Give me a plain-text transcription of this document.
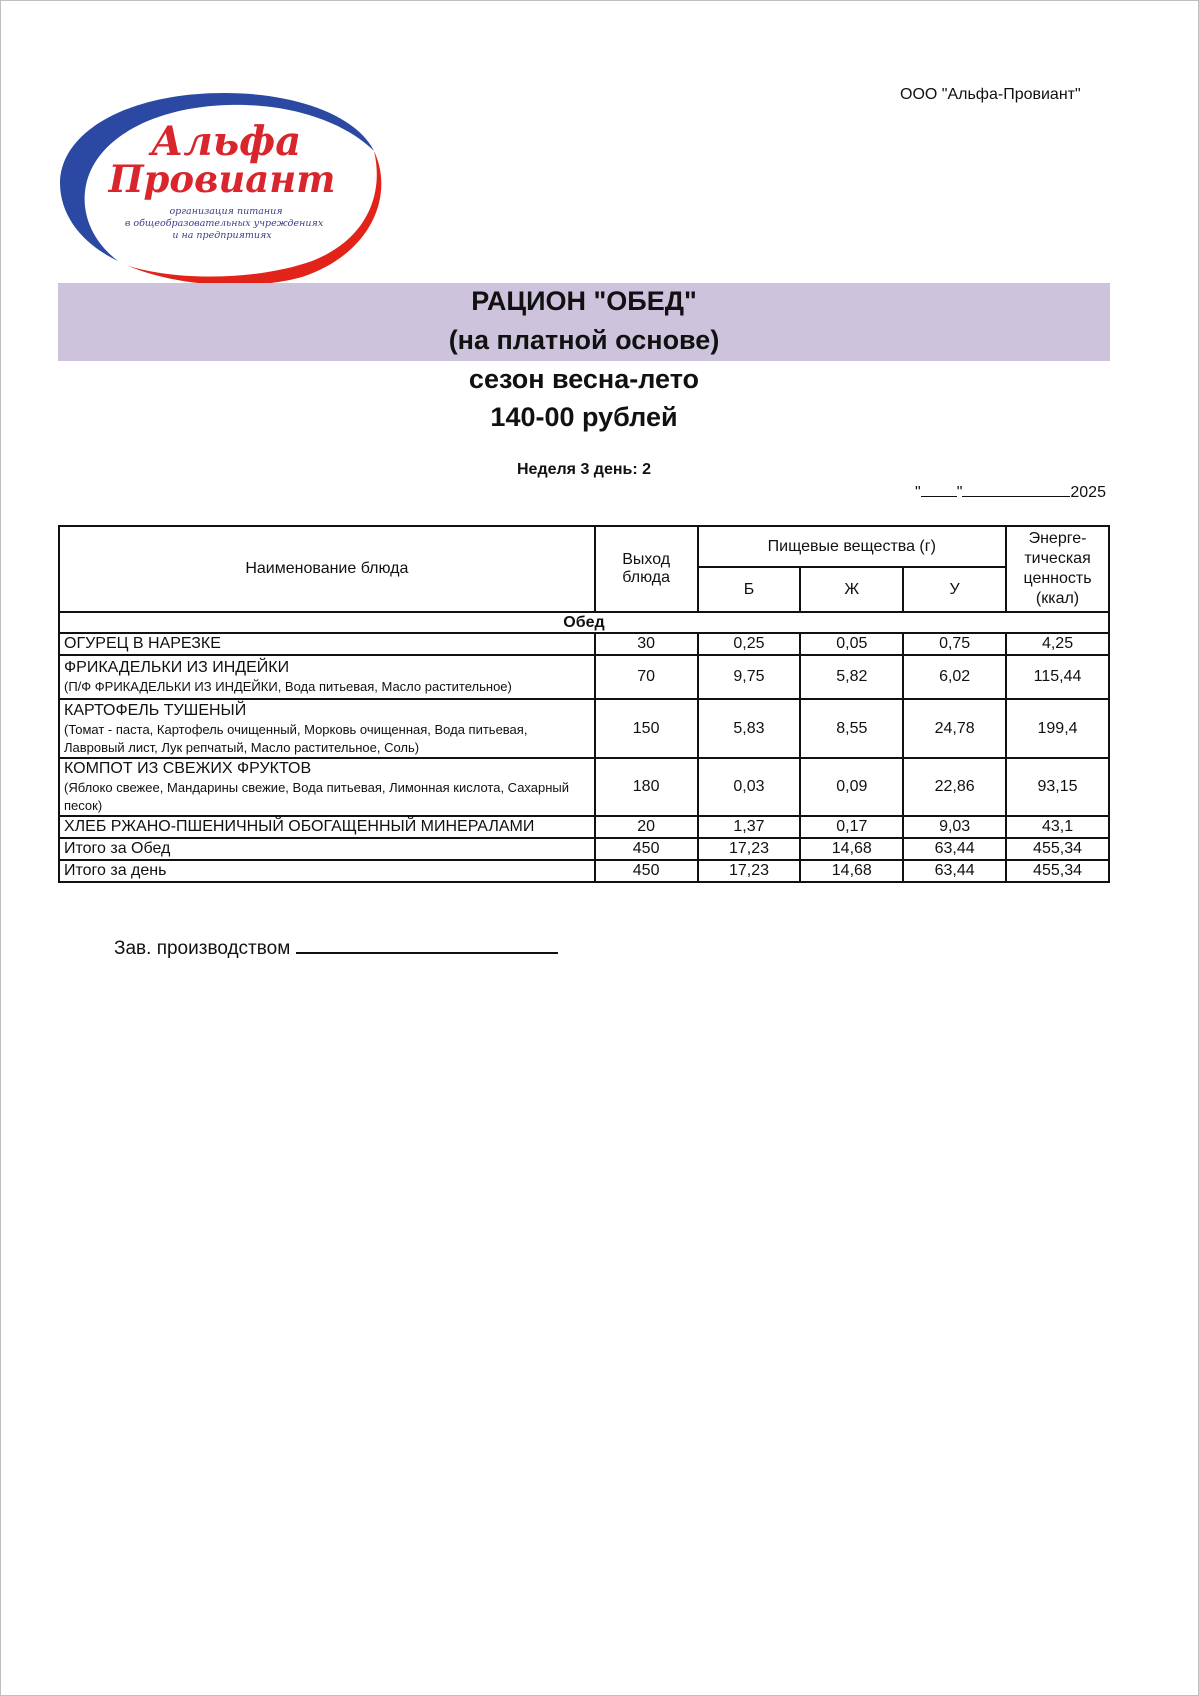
ООО "Альфа-Провиант"
Альфа
Провиант
организация питания
в общеобразовательных учреждениях
и на предприятиях
РАЦИОН "ОБЕД"
(на платной основе)
сезон весна-лето
140-00 рублей
Неделя 3 день: 2
" "	2025
Наименование блюда	Выход блюда	Пищевые вещества (г)			Энерге-тическая ценность (ккал)
		Б	Ж	У	
Обед					
ОГУРЕЦ В НАРЕЗКЕ	30	0,25	0,05	0,75	4,25

ФРИКАДЕЛЬКИ ИЗ ИНДЕЙКИ
(П/Ф ФРИКАДЕЛЬКИ ИЗ ИНДЕЙКИ, Вода питьевая, Масло растительное)	70	9,75	5,82	6,02	115,44

КАРТОФЕЛЬ ТУШЕНЫЙ
(Томат - паста, Картофель очищенный, Морковь очищенная, Вода питьевая, Лавровый лист, Лук репчатый, Масло растительное, Соль)	150	5,83	8,55	24,78	199,4

КОМПОТ ИЗ СВЕЖИХ ФРУКТОВ
(Яблоко свежее, Мандарины свежие, Вода питьевая, Лимонная кислота, Сахарный песок)	180	0,03	0,09	22,86	93,15
ХЛЕБ РЖАНО-ПШЕНИЧНЫЙ ОБОГАЩЕННЫЙ МИНЕРАЛАМИ	20	1,37	0,17	9,03	43,1
Итого за Обед	450	17,23	14,68	63,44	455,34
Итого за день	450	17,23	14,68	63,44	455,34
Зав. производством
